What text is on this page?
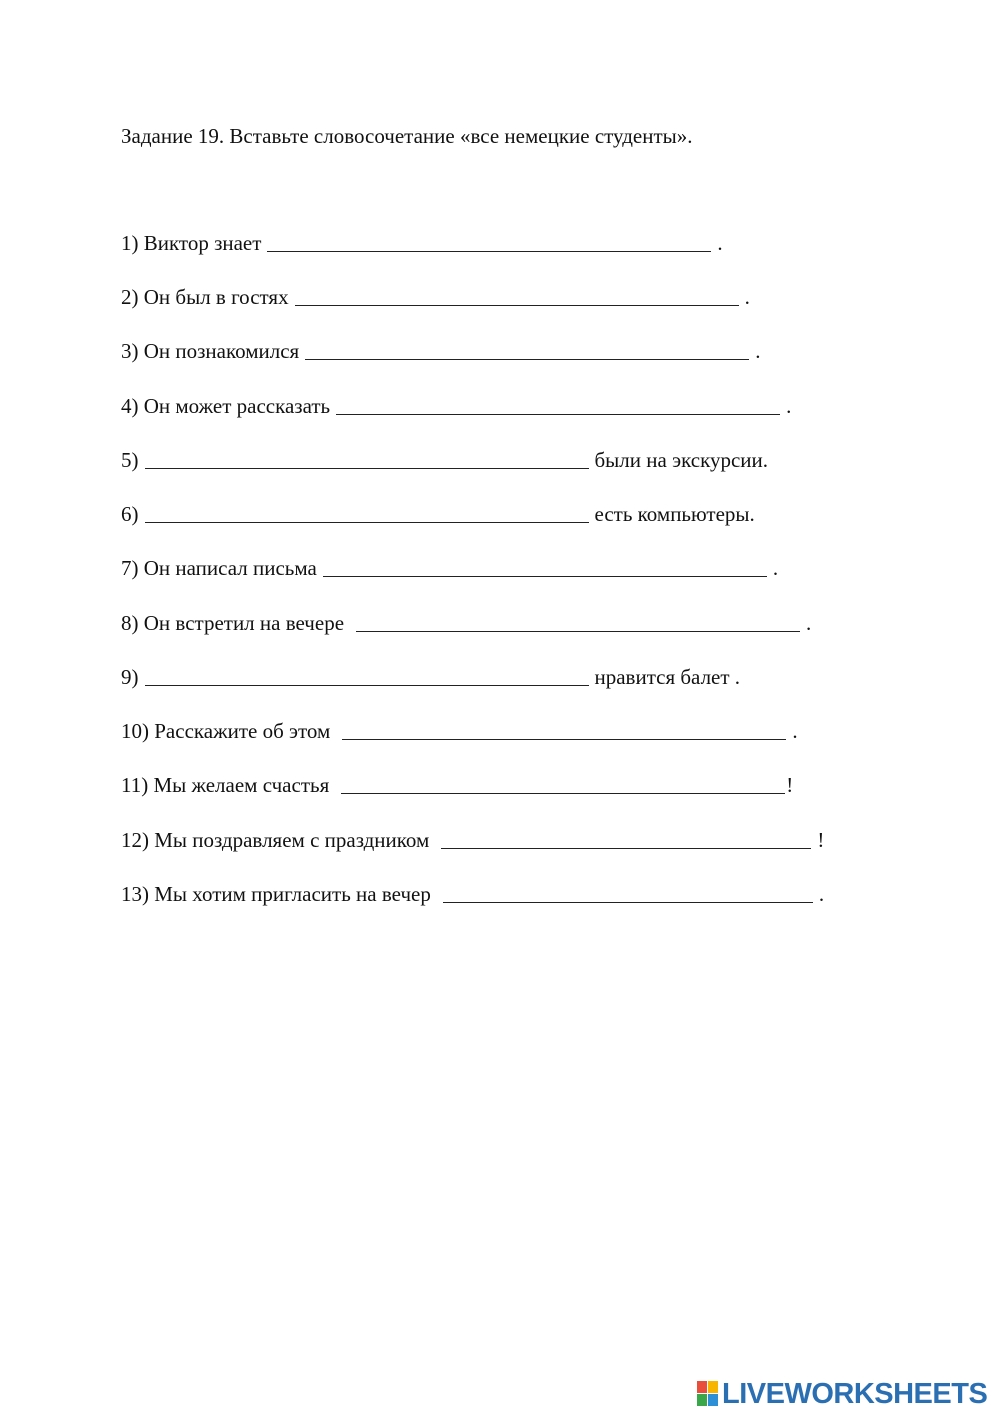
Задание 19. Вставьте словосочетание «все немецкие студенты».
1) Виктор знает	.
2) Он был в гостях	.
3) Он познакомился	.
4) Он может рассказать	.
5)	были на экскурсии.
6)	есть компьютеры.
7) Он написал письма	.
8) Он встретил на вечере	.
9)	нравится балет .
10) Расскажите об этом	.
11) Мы желаем счастья	!
12) Мы поздравляем с праздником	!
13) Мы хотим пригласить на вечер	.
LIVEWORKSHEETS
